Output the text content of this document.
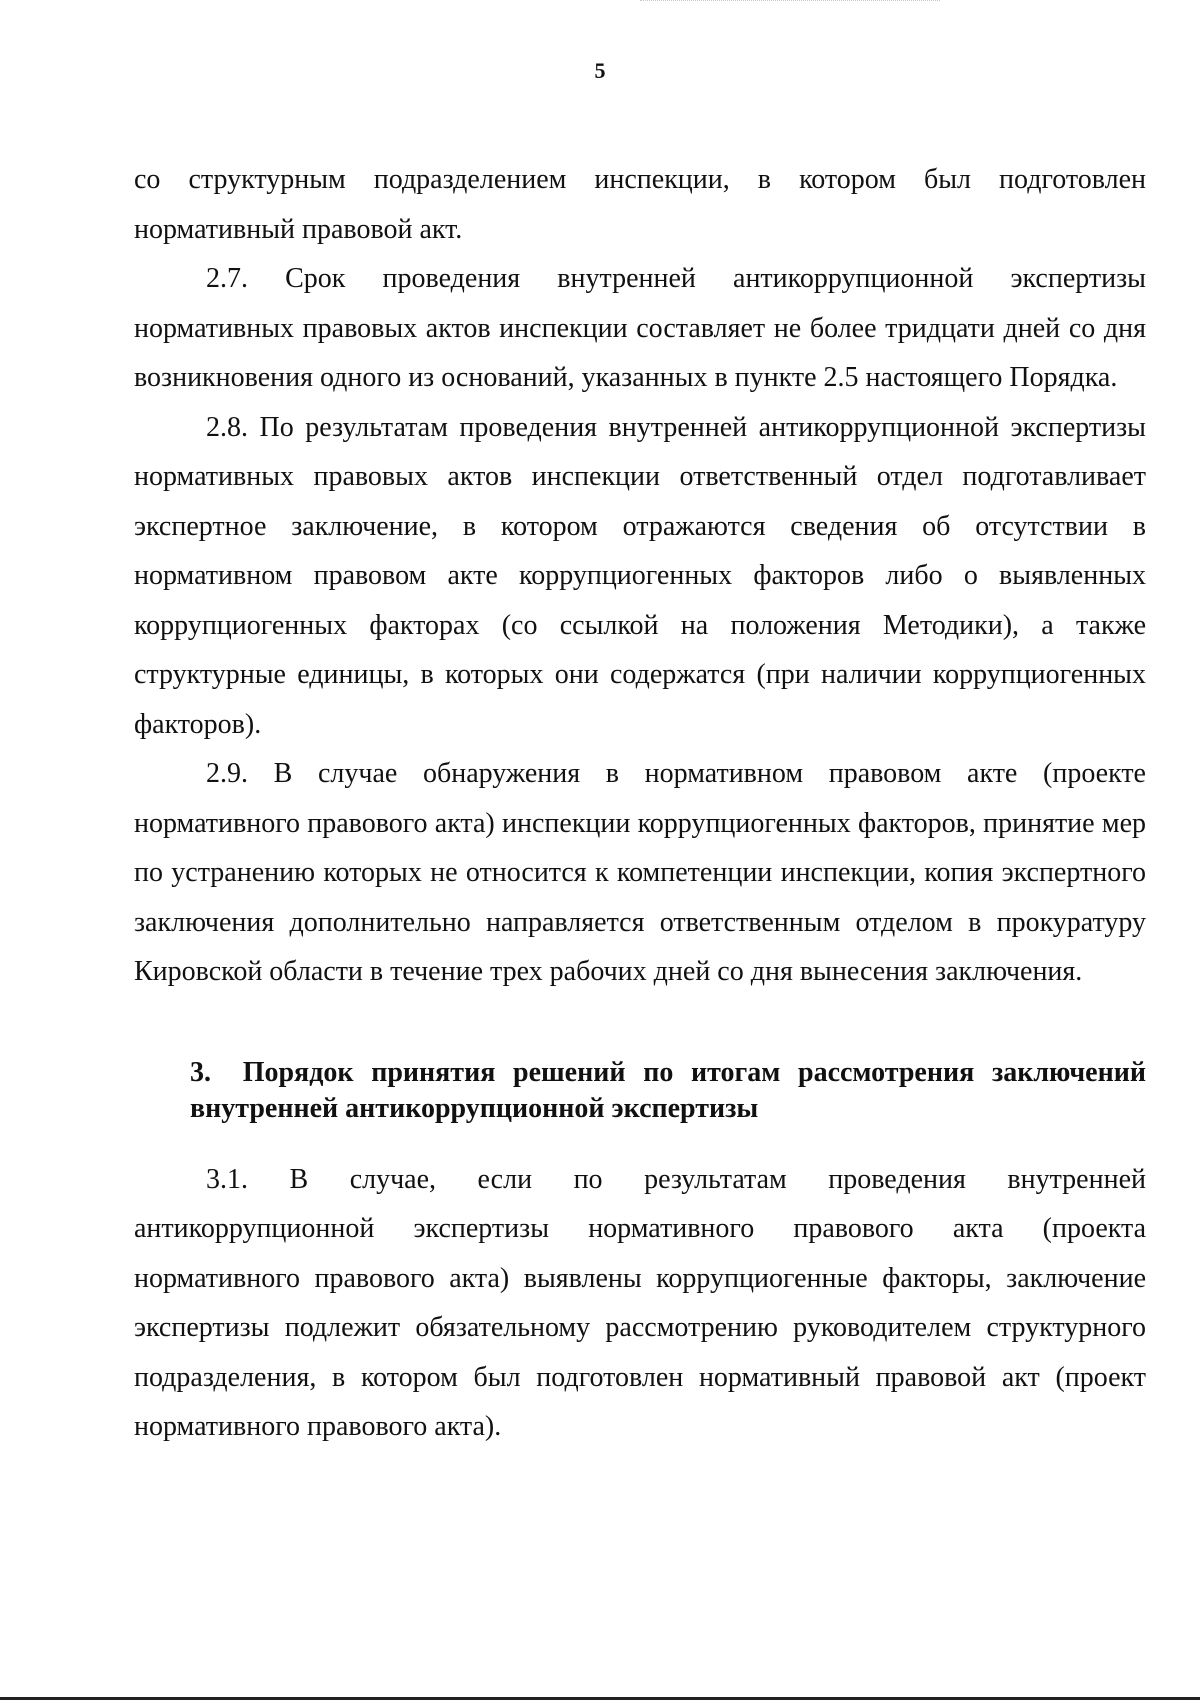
5

со структурным подразделением инспекции, в котором был подготовлен нормативный правовой акт.

2.7. Срок проведения внутренней антикоррупционной экспертизы нормативных правовых актов инспекции составляет не более тридцати дней со дня возникновения одного из оснований, указанных в пункте 2.5 настоящего Порядка.

2.8. По результатам проведения внутренней антикоррупционной экспертизы нормативных правовых актов инспекции ответственный отдел подготавливает экспертное заключение, в котором отражаются сведения об отсутствии в нормативном правовом акте коррупциогенных факторов либо о выявленных коррупциогенных факторах (со ссылкой на положения Методики), а также структурные единицы, в которых они содержатся (при наличии коррупциогенных факторов).

2.9. В случае обнаружения в нормативном правовом акте (проекте нормативного правового акта) инспекции коррупциогенных факторов, принятие мер по устранению которых не относится к компетенции инспекции, копия экспертного заключения дополнительно направляется ответственным отделом в прокуратуру Кировской области в течение трех рабочих дней со дня вынесения заключения.

3. Порядок принятия решений по итогам рассмотрения заключений внутренней антикоррупционной экспертизы

3.1. В случае, если по результатам проведения внутренней антикоррупционной экспертизы нормативного правового акта (проекта нормативного правового акта) выявлены коррупциогенные факторы, заключение экспертизы подлежит обязательному рассмотрению руководителем структурного подразделения, в котором был подготовлен нормативный правовой акт (проект нормативного правового акта).
